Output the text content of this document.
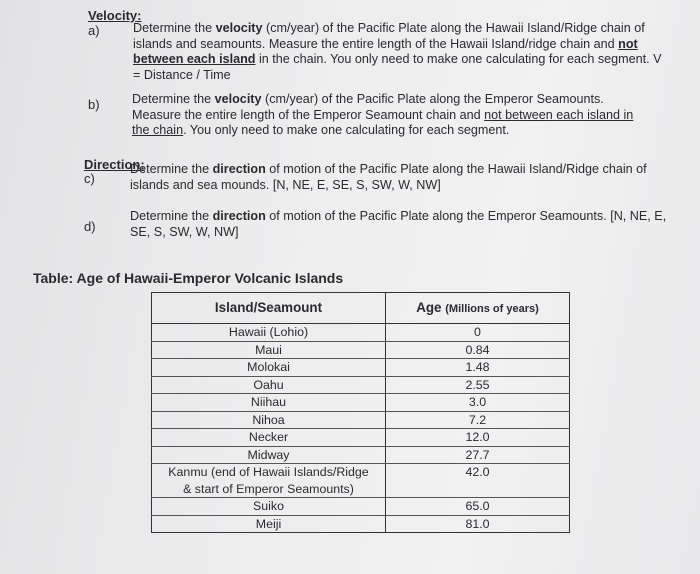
Velocity:
a)	Determine the velocity (cm/year) of the Pacific Plate along the Hawaii Island/Ridge chain of islands and seamounts. Measure the entire length of the Hawaii Island/ridge chain and not between each island in the chain. You only need to make one calculating for each segment. V = Distance / Time
b)	Determine the velocity (cm/year) of the Pacific Plate along the Emperor Seamounts. Measure the entire length of the Emperor Seamount chain and not between each island in the chain. You only need to make one calculating for each segment.
Direction:
c)
Determine the direction of motion of the Pacific Plate along the Hawaii Island/Ridge chain of islands and sea mounds. [N, NE, E, SE, S, SW, W, NW]
d)
Determine the direction of motion of the Pacific Plate along the Emperor Seamounts. [N, NE, E, SE, S, SW, W, NW]
Table: Age of Hawaii-Emperor Volcanic Islands
Island/Seamount	Age (Millions of years)
Hawaii (Lohio)	0
Maui	0.84
Molokai	1.48
Oahu	2.55
Niihau	3.0
Nihoa	7.2
Necker	12.0
Midway	27.7
Kanmu (end of Hawaii Islands/Ridge	42.0
& start of Emperor Seamounts)	
Suiko	65.0
Meiji	81.0
